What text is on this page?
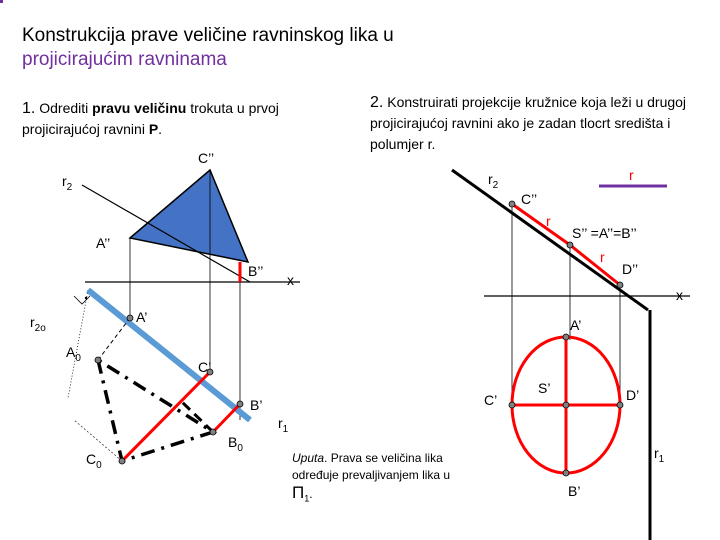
Konstrukcija prave veličine ravninskog lika u
projicirajućim ravninama
1. Odrediti pravu veličinu trokuta u prvoj projicirajućoj ravnini P.
2. Konstruirati projekcije kružnice koja leži u drugoj projicirajućoj ravnini ako je zadan tlocrt središta i polumjer r.
Uputa. Prava se veličina lika određuje prevaljivanjem lika u $\Pi_1$.
$r_2$
C’’
A’’
B’’
x
$r_{2o}$
A’
$A_0$
C’
B’
$B_0$
$C_0$
$r_1$
$r_2$
r
C’’
r
S’’ =A’’=B’’
r
D’’
x
A’
C’
S’	D’
B’
$r_1$
